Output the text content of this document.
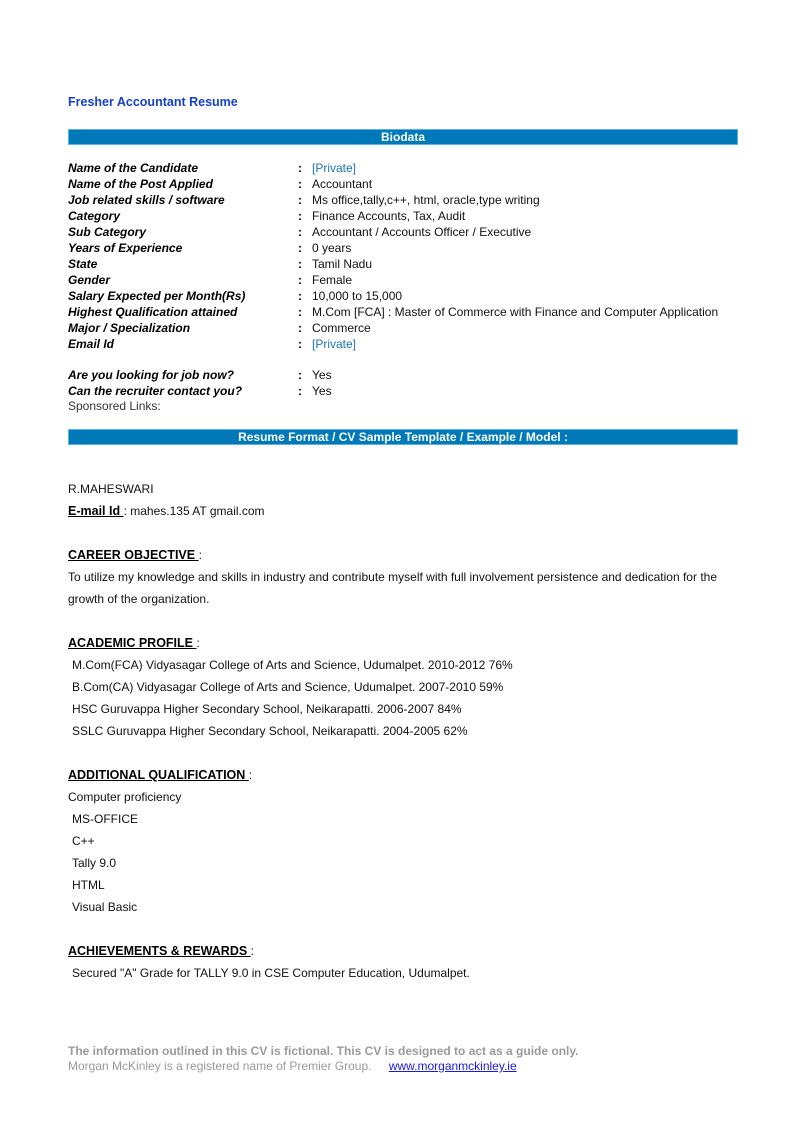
Fresher Accountant Resume
Biodata
Name of the Candidate	: [Private]
Name of the Post Applied	: Accountant
Job related skills / software	: Ms office,tally,c++, html, oracle,type writing
Category	: Finance Accounts, Tax, Audit
Sub Category	: Accountant / Accounts Officer / Executive
Years of Experience	: 0 years
State	: Tamil Nadu
Gender	: Female
Salary Expected per Month(Rs)	: 10,000 to 15,000
Highest Qualification attained	: M.Com [FCA] : Master of Commerce with Finance and Computer Application
Major / Specialization	: Commerce
Email Id	: [Private]
Are you looking for job now?	: Yes
Can the recruiter contact you?	: Yes
Sponsored Links:
Resume Format / CV Sample Template / Example / Model :
R.MAHESWARI
E-mail Id : mahes.135 AT gmail.com
CAREER OBJECTIVE :
To utilize my knowledge and skills in industry and contribute myself with full involvement persistence and dedication for the growth of the organization.
ACADEMIC PROFILE :
M.Com(FCA) Vidyasagar College of Arts and Science, Udumalpet. 2010-2012 76%
B.Com(CA) Vidyasagar College of Arts and Science, Udumalpet. 2007-2010 59%
HSC Guruvappa Higher Secondary School, Neikarapatti. 2006-2007 84%
SSLC Guruvappa Higher Secondary School, Neikarapatti. 2004-2005 62%
ADDITIONAL QUALIFICATION :
Computer proficiency
MS-OFFICE
C++
Tally 9.0
HTML
Visual Basic
ACHIEVEMENTS & REWARDS :
Secured "A" Grade for TALLY 9.0 in CSE Computer Education, Udumalpet.
The information outlined in this CV is fictional. This CV is designed to act as a guide only.
Morgan McKinley is a registered name of Premier Group. www.morganmckinley.ie
